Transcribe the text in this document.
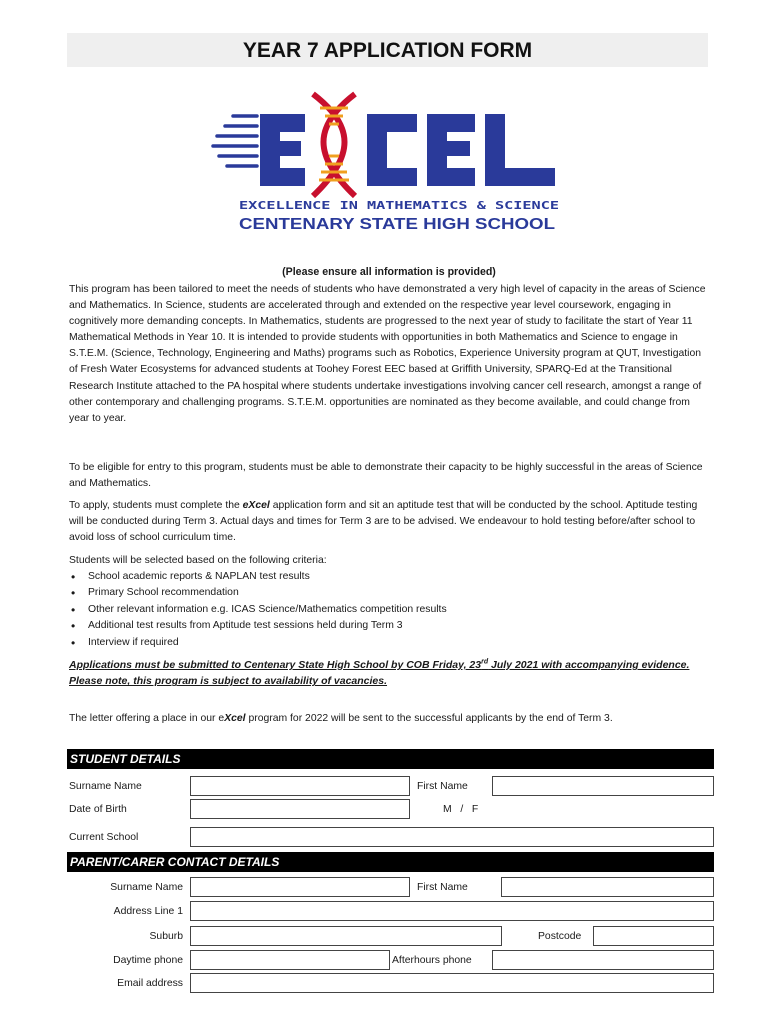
YEAR 7 APPLICATION FORM
EXCELLENCE IN MATHEMATICS & SCIENCE
CENTENARY STATE HIGH SCHOOL
(Please ensure all information is provided)
This program has been tailored to meet the needs of students who have demonstrated a very high level of capacity in the areas of Science and Mathematics. In Science, students are accelerated through and extended on the respective year level coursework, engaging in cognitively more demanding concepts. In Mathematics, students are progressed to the next year of study to facilitate the start of Year 11 Mathematical Methods in Year 10. It is intended to provide students with opportunities in both Mathematics and Science to engage in S.T.E.M. (Science, Technology, Engineering and Maths) programs such as Robotics, Experience University program at QUT, Investigation of Fresh Water Ecosystems for advanced students at Toohey Forest EEC based at Griffith University, SPARQ-Ed at the Transitional Research Institute attached to the PA hospital where students undertake investigations involving cancer cell research, amongst a range of other contemporary and challenging programs. S.T.E.M. opportunities are nominated as they become available, and could change from year to year.
To be eligible for entry to this program, students must be able to demonstrate their capacity to be highly successful in the areas of Science and Mathematics.
To apply, students must complete the eXcel application form and sit an aptitude test that will be conducted by the school. Aptitude testing will be conducted during Term 3. Actual days and times for Term 3 are to be advised. We endeavour to hold testing before/after school to avoid loss of school curriculum time.
Students will be selected based on the following criteria:
• School academic reports & NAPLAN test results
• Primary School recommendation
• Other relevant information e.g. ICAS Science/Mathematics competition results
• Additional test results from Aptitude test sessions held during Term 3
• Interview if required
Applications must be submitted to Centenary State High School by COB Friday, 23rd July 2021 with accompanying evidence. Please note, this program is subject to availability of vacancies.
The letter offering a place in our eXcel program for 2022 will be sent to the successful applicants by the end of Term 3.
STUDENT DETAILS
Surname Name	First Name
Date of Birth	M   /   F
Current School
PARENT/CARER CONTACT DETAILS
Surname Name	First Name
Address Line 1
Suburb	Postcode
Daytime phone	Afterhours phone
Email address
